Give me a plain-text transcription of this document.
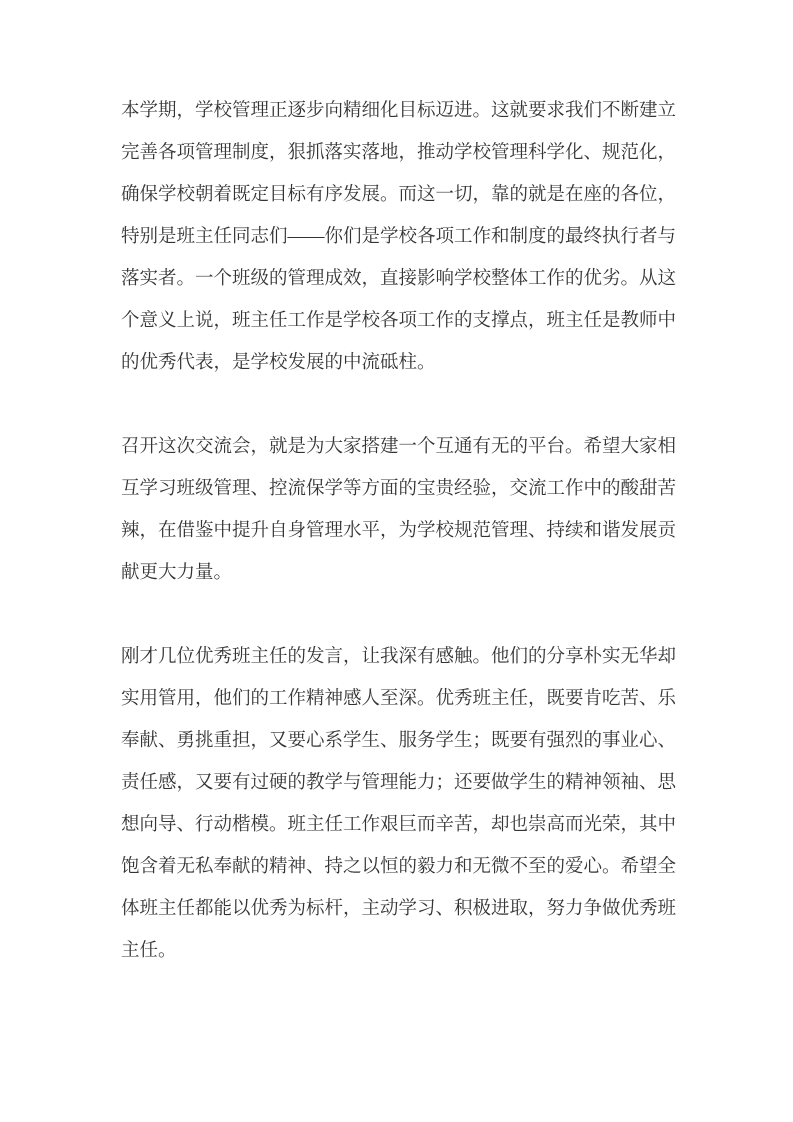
本学期，学校管理正逐步向精细化目标迈进。这就要求我们不断建立完善各项管理制度，狠抓落实落地，推动学校管理科学化、规范化，确保学校朝着既定目标有序发展。而这一切，靠的就是在座的各位，特别是班主任同志们——你们是学校各项工作和制度的最终执行者与落实者。一个班级的管理成效，直接影响学校整体工作的优劣。从这个意义上说，班主任工作是学校各项工作的支撑点，班主任是教师中的优秀代表，是学校发展的中流砥柱。

召开这次交流会，就是为大家搭建一个互通有无的平台。希望大家相互学习班级管理、控流保学等方面的宝贵经验，交流工作中的酸甜苦辣，在借鉴中提升自身管理水平，为学校规范管理、持续和谐发展贡献更大力量。

刚才几位优秀班主任的发言，让我深有感触。他们的分享朴实无华却实用管用，他们的工作精神感人至深。优秀班主任，既要肯吃苦、乐奉献、勇挑重担，又要心系学生、服务学生；既要有强烈的事业心、责任感，又要有过硬的教学与管理能力；还要做学生的精神领袖、思想向导、行动楷模。班主任工作艰巨而辛苦，却也崇高而光荣，其中饱含着无私奉献的精神、持之以恒的毅力和无微不至的爱心。希望全体班主任都能以优秀为标杆，主动学习、积极进取，努力争做优秀班主任。
